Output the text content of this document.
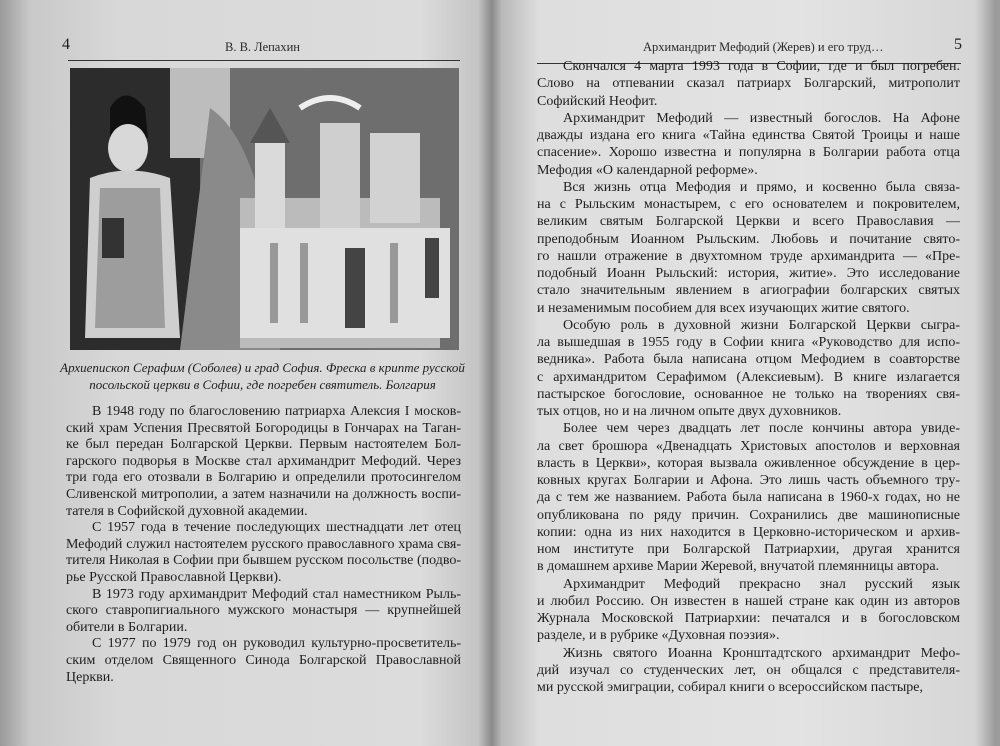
4	В. В. Лепахин
Архиепископ Серафим (Соболев) и град София. Фреска в крипте русской
посольской церкви в Софии, где погребен святитель. Болгария
В 1948 году по благословению патриарха Алексия I москов-
ский храм Успения Пресвятой Богородицы в Гончарах на Таган-
ке был передан Болгарской Церкви. Первым настоятелем Бол-
гарского подворья в Москве стал архимандрит Мефодий. Через
три года его отозвали в Болгарию и определили протосингелом
Сливенской митрополии, а затем назначили на должность воспи-
тателя в Софийской духовной академии.
С 1957 года в течение последующих шестнадцати лет отец
Мефодий служил настоятелем русского православного храма свя-
тителя Николая в Софии при бывшем русском посольстве (подво-
рье Русской Православной Церкви).
В 1973 году архимандрит Мефодий стал наместником Рыль-
ского ставропигиального мужского монастыря — крупнейшей
обители в Болгарии.
С 1977 по 1979 год он руководил культурно-просветитель-
ским отделом Священного Синода Болгарской Православной
Церкви.
Архимандрит Мефодий (Жерев) и его труд…	5
Скончался 4 марта 1993 года в Софии, где и был погребен.
Слово на отпевании сказал патриарх Болгарский, митрополит
Софийский Неофит.
Архимандрит Мефодий — известный богослов. На Афоне
дважды издана его книга «Тайна единства Святой Троицы и наше
спасение». Хорошо известна и популярна в Болгарии работа отца
Мефодия «О календарной реформе».
Вся жизнь отца Мефодия и прямо, и косвенно была связа-
на с Рыльским монастырем, с его основателем и покровителем,
великим святым Болгарской Церкви и всего Православия —
преподобным Иоанном Рыльским. Любовь и почитание свято-
го нашли отражение в двухтомном труде архимандрита — «Пре-
подобный Иоанн Рыльский: история, житие». Это исследование
стало значительным явлением в агиографии болгарских святых
и незаменимым пособием для всех изучающих житие святого.
Особую роль в духовной жизни Болгарской Церкви сыгра-
ла вышедшая в 1955 году в Софии книга «Руководство для испо-
ведника». Работа была написана отцом Мефодием в соавторстве
с архимандритом Серафимом (Алексиевым). В книге излагается
пастырское богословие, основанное не только на творениях свя-
тых отцов, но и на личном опыте двух духовников.
Более чем через двадцать лет после кончины автора увиде-
ла свет брошюра «Двенадцать Христовых апостолов и верховная
власть в Церкви», которая вызвала оживленное обсуждение в цер-
ковных кругах Болгарии и Афона. Это лишь часть объемного тру-
да с тем же названием. Работа была написана в 1960-х годах, но не
опубликована по ряду причин. Сохранились две машинописные
копии: одна из них находится в Церковно-историческом и архив-
ном институте при Болгарской Патриархии, другая хранится
в домашнем архиве Марии Жеревой, внучатой племянницы автора.
Архимандрит Мефодий прекрасно знал русский язык
и любил Россию. Он известен в нашей стране как один из авторов
Журнала Московской Патриархии: печатался и в богословском
разделе, и в рубрике «Духовная поэзия».
Жизнь святого Иоанна Кронштадтского архимандрит Мефо-
дий изучал со студенческих лет, он общался с представителя-
ми русской эмиграции, собирал книги о всероссийском пастыре,
